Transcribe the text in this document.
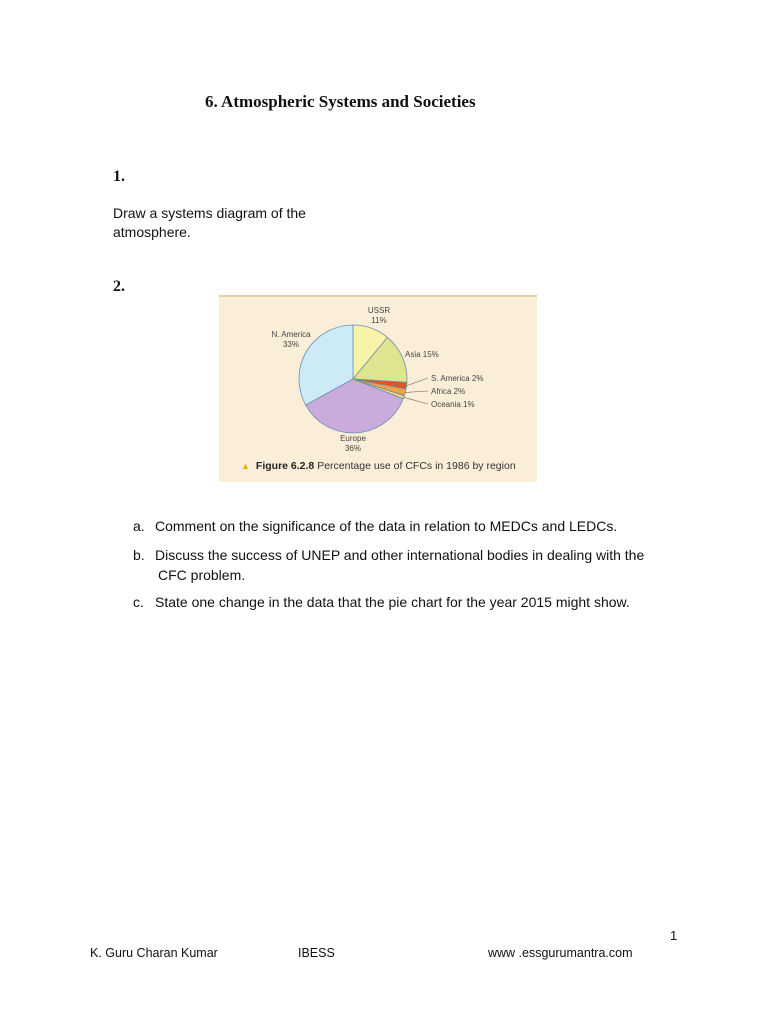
6. Atmospheric Systems and Societies
1.
Draw a systems diagram of the atmosphere.
2.
USSR
11%
Asia 15%
S. America 2%
Africa 2%
Oceania 1%
Europe
36%
N. America
33%
▲ Figure 6.2.8 Percentage use of CFCs in 1986 by region
a. Comment on the significance of the data in relation to MEDCs and LEDCs.
b. Discuss the success of UNEP and other international bodies in dealing with the
CFC problem.
c. State one change in the data that the pie chart for the year 2015 might show.
1
K. Guru Charan Kumar	IBESS	www .essgurumantra.com
